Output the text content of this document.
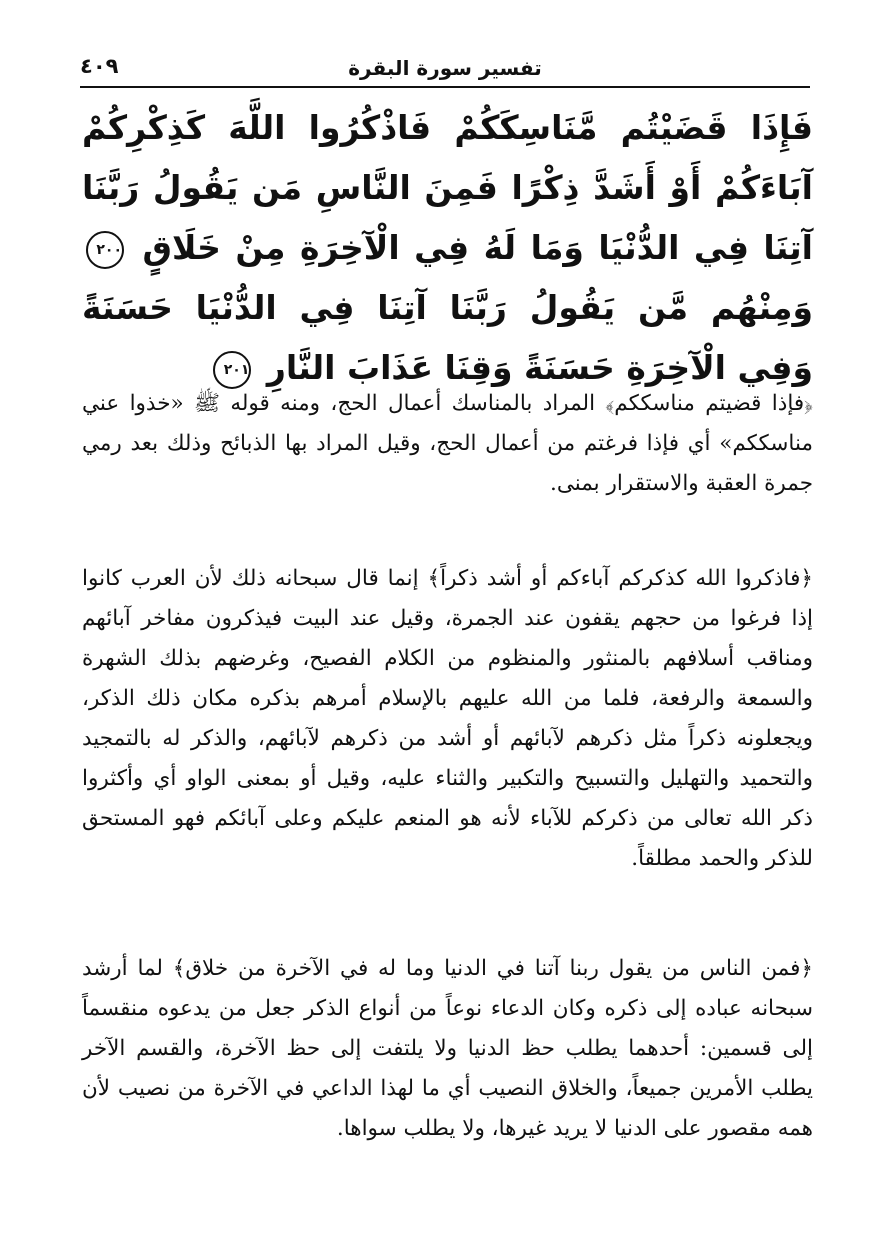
تفسير سورة البقرة
٤٠٩
فَإِذَا قَضَيْتُم مَّنَاسِكَكُمْ فَاذْكُرُوا اللَّهَ كَذِكْرِكُمْ آبَاءَكُمْ أَوْ أَشَدَّ ذِكْرًا فَمِنَ النَّاسِ مَن يَقُولُ رَبَّنَا آتِنَا فِي الدُّنْيَا وَمَا لَهُ فِي الْآخِرَةِ مِنْ خَلَاقٍ ٢٠٠ وَمِنْهُم مَّن يَقُولُ رَبَّنَا آتِنَا فِي الدُّنْيَا حَسَنَةً وَفِي الْآخِرَةِ حَسَنَةً وَقِنَا عَذَابَ النَّارِ ٢٠١
﴿فإذا قضيتم مناسككم﴾ المراد بالمناسك أعمال الحج، ومنه قوله ﷺ «خذوا عني مناسككم» أي فإذا فرغتم من أعمال الحج، وقيل المراد بها الذبائح وذلك بعد رمي جمرة العقبة والاستقرار بمنى.
﴿فاذكروا الله كذكركم آباءكم أو أشد ذكراً﴾ إنما قال سبحانه ذلك لأن العرب كانوا إذا فرغوا من حجهم يقفون عند الجمرة، وقيل عند البيت فيذكرون مفاخر آبائهم ومناقب أسلافهم بالمنثور والمنظوم من الكلام الفصيح، وغرضهم بذلك الشهرة والسمعة والرفعة، فلما من الله عليهم بالإسلام أمرهم بذكره مكان ذلك الذكر، ويجعلونه ذكراً مثل ذكرهم لآبائهم أو أشد من ذكرهم لآبائهم، والذكر له بالتمجيد والتحميد والتهليل والتسبيح والتكبير والثناء عليه، وقيل أو بمعنى الواو أي وأكثروا ذكر الله تعالى من ذكركم للآباء لأنه هو المنعم عليكم وعلى آبائكم فهو المستحق للذكر والحمد مطلقاً.
﴿فمن الناس من يقول ربنا آتنا في الدنيا وما له في الآخرة من خلاق﴾ لما أرشد سبحانه عباده إلى ذكره وكان الدعاء نوعاً من أنواع الذكر جعل من يدعوه منقسماً إلى قسمين: أحدهما يطلب حظ الدنيا ولا يلتفت إلى حظ الآخرة، والقسم الآخر يطلب الأمرين جميعاً، والخلاق النصيب أي ما لهذا الداعي في الآخرة من نصيب لأن همه مقصور على الدنيا لا يريد غيرها، ولا يطلب سواها.
